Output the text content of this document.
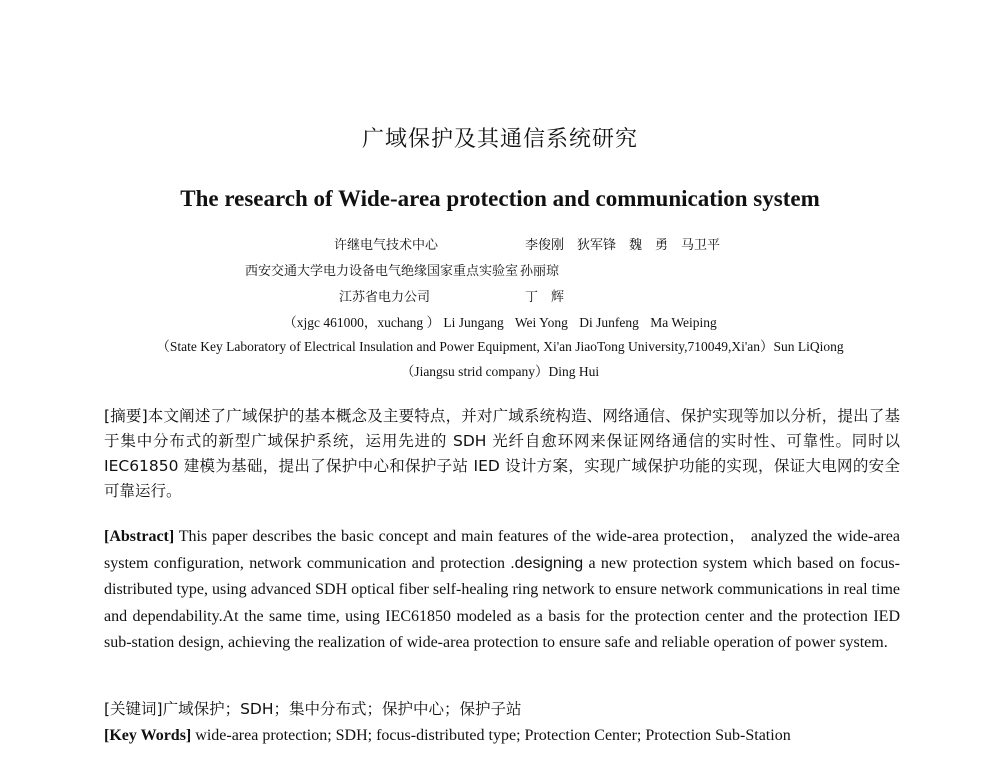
广域保护及其通信系统研究
The research of Wide-area protection and communication system
许继电气技术中心	李俊刚　狄军锋　魏　勇　马卫平
西安交通大学电力设备电气绝缘国家重点实验室 孙丽琼
江苏省电力公司	丁　辉
（xjgc 461000，xuchang ） Li Jungang Wei Yong Di Junfeng Ma Weiping
（State Key Laboratory of Electrical Insulation and Power Equipment, Xi'an JiaoTong University,710049,Xi'an）Sun LiQiong
（Jiangsu strid company）Ding Hui

[摘要]本文阐述了广域保护的基本概念及主要特点，并对广域系统构造、网络通信、保护实现等加以分析，提出了基于集中分布式的新型广域保护系统，运用先进的 SDH 光纤自愈环网来保证网络通信的实时性、可靠性。同时以 IEC61850 建模为基础，提出了保护中心和保护子站 IED 设计方案，实现广域保护功能的实现，保证大电网的安全可靠运行。

[Abstract] This paper describes the basic concept and main features of the wide-area protection， analyzed the wide-area system configuration, network communication and protection .designing a new protection system which based on focus-distributed type, using advanced SDH optical fiber self-healing ring network to ensure network communications in real time and dependability.At the same time, using IEC61850 modeled as a basis for the protection center and the protection IED sub-station design, achieving the realization of wide-area protection to ensure safe and reliable operation of power system.

[关键词]广域保护；SDH；集中分布式；保护中心；保护子站

[Key Words] wide-area protection; SDH; focus-distributed type; Protection Center; Protection Sub-Station
